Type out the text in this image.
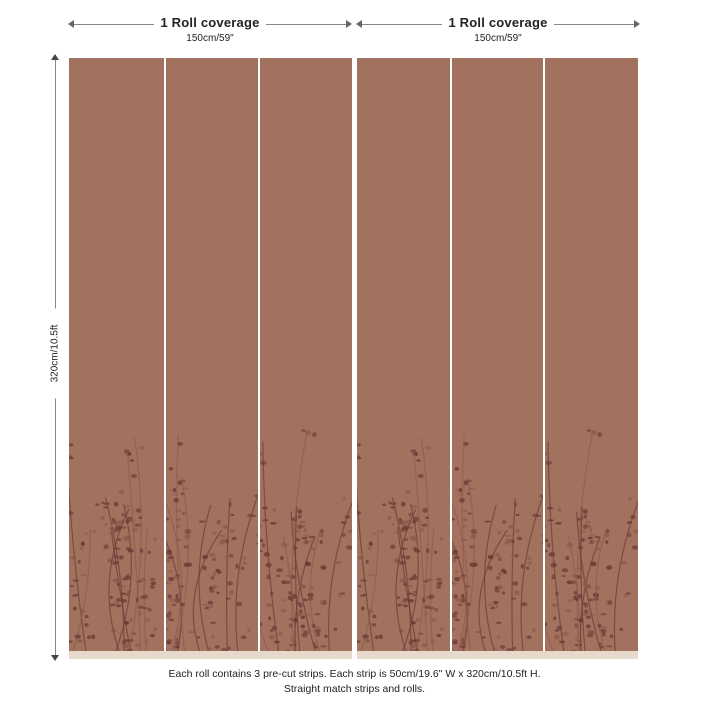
1 Roll coverage
150cm/59"
1 Roll coverage
150cm/59"
320cm/10.5ft
Each roll contains 3 pre-cut strips. Each strip is 50cm/19.6" W x 320cm/10.5ft H.
Straight match strips and rolls.
